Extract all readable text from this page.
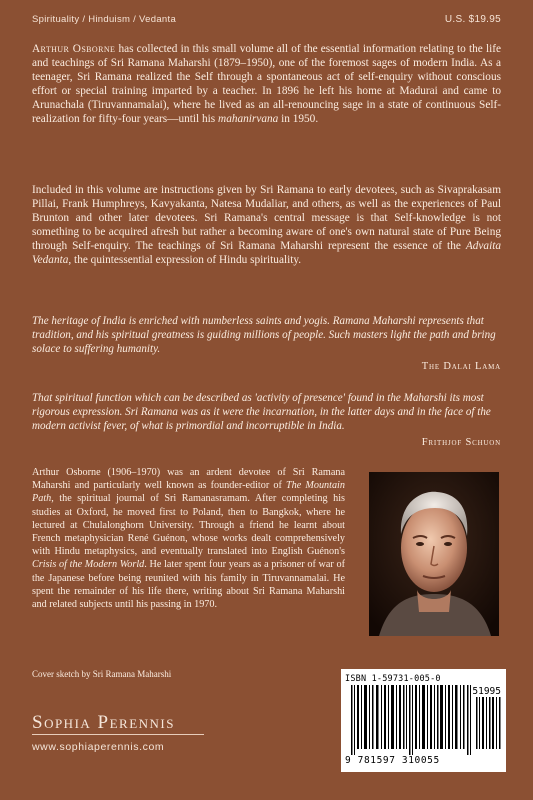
Spirituality / Hinduism / Vedanta	U.S. $19.95

Arthur Osborne has collected in this small volume all of the essential information relating to the life and teachings of Sri Ramana Maharshi (1879–1950), one of the foremost sages of modern India. As a teenager, Sri Ramana realized the Self through a spontaneous act of self-enquiry without conscious effort or special training imparted by a teacher. In 1896 he left his home at Madurai and came to Arunachala (Tiruvannamalai), where he lived as an all-renouncing sage in a state of continuous Self-realization for fifty-four years—until his mahanirvana in 1950.

Included in this volume are instructions given by Sri Ramana to early devotees, such as Sivaprakasam Pillai, Frank Humphreys, Kavyakanta, Natesa Mudaliar, and others, as well as the experiences of Paul Brunton and other later devotees. Sri Ramana's central message is that Self-knowledge is not something to be acquired afresh but rather a becoming aware of one's own natural state of Pure Being through Self-enquiry. The teachings of Sri Ramana Maharshi represent the essence of the Advaita Vedanta, the quintessential expression of Hindu spirituality.

The heritage of India is enriched with numberless saints and yogis. Ramana Maharshi represents that tradition, and his spiritual greatness is guiding millions of people. Such masters light the path and bring solace to suffering humanity.

The Dalai Lama

That spiritual function which can be described as 'activity of presence' found in the Maharshi its most rigorous expression. Sri Ramana was as it were the incarnation, in the latter days and in the face of the modern activist fever, of what is primordial and incorruptible in India.

Frithjof Schuon

Arthur Osborne (1906–1970) was an ardent devotee of Sri Ramana Maharshi and particularly well known as founder-editor of The Mountain Path, the spiritual journal of Sri Ramanasramam. After completing his studies at Oxford, he moved first to Poland, then to Bangkok, where he lectured at Chulalonghorn University. Through a friend he learnt about French metaphysician René Guénon, whose works dealt comprehensively with Hindu metaphysics, and eventually translated into English Guénon's Crisis of the Modern World. He later spent four years as a prisoner of war of the Japanese before being reunited with his family in Tiruvannamalai. He spent the remainder of his life there, writing about Sri Ramana Maharshi and related subjects until his passing in 1970.

Cover sketch by Sri Ramana Maharshi
Sophia Perennis
www.sophiaperennis.com
ISBN 1-59731-005-0
51995
9 781597 310055
